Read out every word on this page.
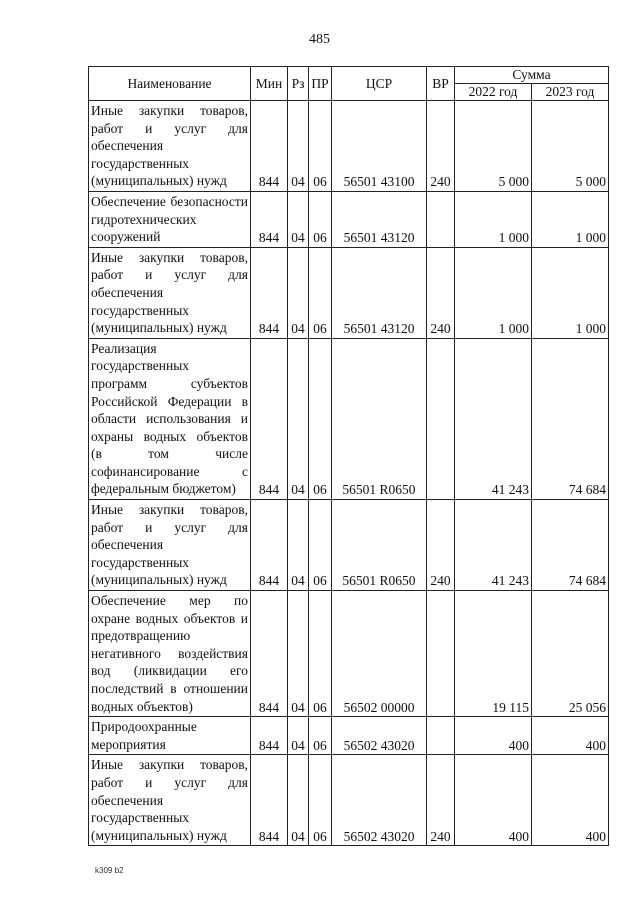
485
Наименование	Мин	Рз	ПР	ЦСР	ВР	Сумма	
						2022 год	2023 год
Иные закупки товаров, работ и услуг для обеспечения государственных (муниципальных) нужд	844	04	06	56501 43100	240	5 000	5 000
Обеспечение безопасности гидротехнических сооружений	844	04	06	56501 43120		1 000	1 000
Иные закупки товаров, работ и услуг для обеспечения государственных (муниципальных) нужд	844	04	06	56501 43120	240	1 000	1 000
Реализация государственных программ субъектов Российской Федерации в области использования и охраны водных объектов (в том числе софинансирование с федеральным бюджетом)	844	04	06	56501 R0650		41 243	74 684
Иные закупки товаров, работ и услуг для обеспечения государственных (муниципальных) нужд	844	04	06	56501 R0650	240	41 243	74 684
Обеспечение мер по охране водных объектов и предотвращению негативного воздействия вод (ликвидации его последствий в отношении водных объектов)	844	04	06	56502 00000		19 115	25 056
Природоохранные мероприятия	844	04	06	56502 43020		400	400
Иные закупки товаров, работ и услуг для обеспечения государственных (муниципальных) нужд	844	04	06	56502 43020	240	400	400
k309 b2
